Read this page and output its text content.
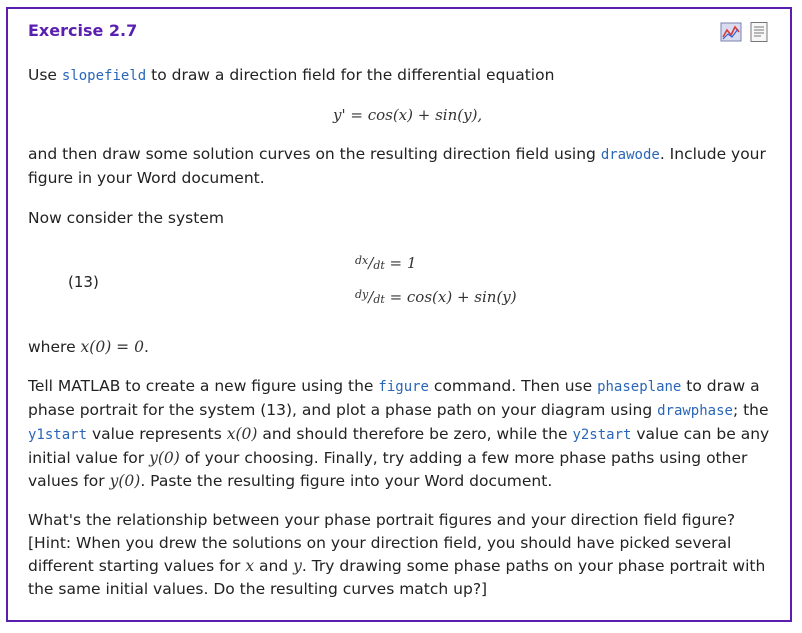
Exercise 2.7
Use slopefield to draw a direction field for the differential equation
y' = cos(x) + sin(y),
and then draw some solution curves on the resulting direction field using drawode. Include your figure in your Word document.
Now consider the system
(13)
$^{dx}$/dt = 1
$^{dy}$/dt = cos(x) + sin(y)
where x(0) = 0.
Tell MATLAB to create a new figure using the figure command. Then use phaseplane to draw a phase portrait for the system (13), and plot a phase path on your diagram using drawphase; the y1start value represents x(0) and should therefore be zero, while the y2start value can be any initial value for y(0) of your choosing. Finally, try adding a few more phase paths using other values for y(0). Paste the resulting figure into your Word document.
What's the relationship between your phase portrait figures and your direction field figure? [Hint: When you drew the solutions on your direction field, you should have picked several different starting values for x and y. Try drawing some phase paths on your phase portrait with the same initial values. Do the resulting curves match up?]
